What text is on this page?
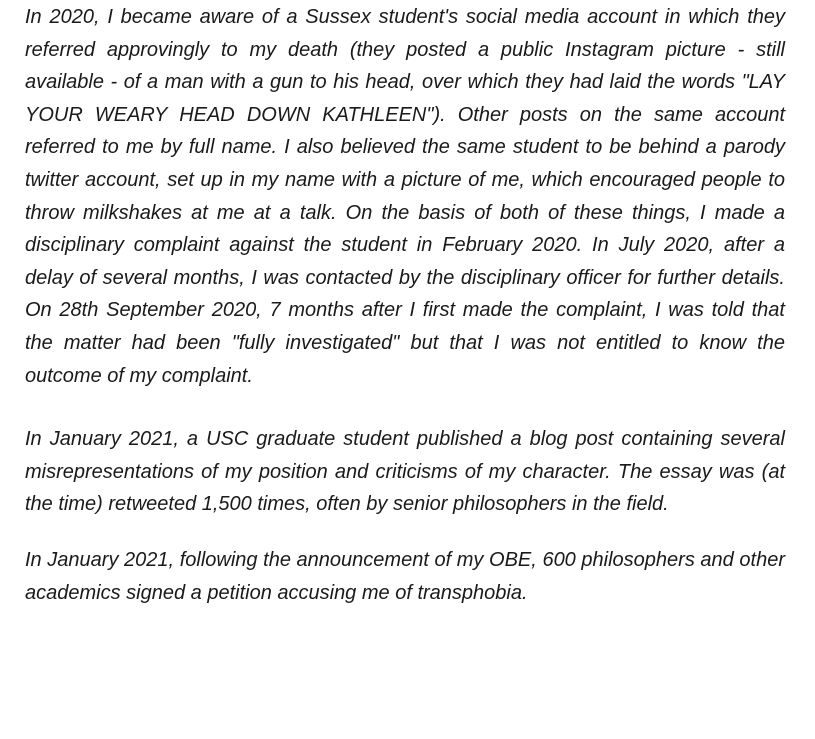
In 2020, I became aware of a Sussex student's social media account in which they referred approvingly to my death (they posted a public Instagram picture - still available - of a man with a gun to his head, over which they had laid the words "LAY YOUR WEARY HEAD DOWN KATHLEEN"). Other posts on the same account referred to me by full name. I also believed the same student to be behind a parody twitter account, set up in my name with a picture of me, which encouraged people to throw milkshakes at me at a talk. On the basis of both of these things, I made a disciplinary complaint against the student in February 2020. In July 2020, after a delay of several months, I was contacted by the disciplinary officer for further details. On 28th September 2020, 7 months after I first made the complaint, I was told that the matter had been "fully investigated" but that I was not entitled to know the outcome of my complaint.

In January 2021, a USC graduate student published a blog post containing several misrepresentations of my position and criticisms of my character. The essay was (at the time) retweeted 1,500 times, often by senior philosophers in the field.

In January 2021, following the announcement of my OBE, 600 philosophers and other academics signed a petition accusing me of transphobia.
